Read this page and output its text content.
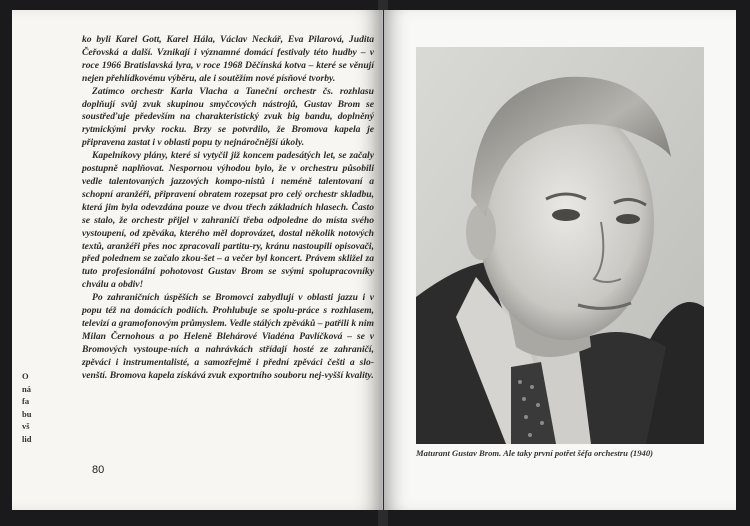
O
ná
fa
bu
vš
lid

ko byli Karel Gott, Karel Hála, Václav Neckář, Eva Pilarová, Judita Čeřovská a další. Vznikají i významné domácí festivaly této hudby – v roce 1966 Bratislavská lyra, v roce 1968 Děčínská kotva – které se věnují nejen přehlídkovému výběru, ale i soutěžím nové písňové tvorby.

Zatímco orchestr Karla Vlacha a Taneční orchestr čs. rozhlasu doplňují svůj zvuk skupinou smyčcových nástrojů, Gustav Brom se soustřeďuje především na charakteristický zvuk big bandu, doplněný rytmickými prvky rocku. Brzy se potvrdilo, že Bromova kapela je připravena zastat i v oblasti popu ty nejnáročnější úkoly.

Kapelníkovy plány, které si vytyčil již koncem padesátých let, se začaly postupně naplňovat. Nespornou výhodou bylo, že v orchestru působili vedle talentovaných jazzových kompo-nistů i neméně talentovaní a schopní aranžéři, připravení obratem rozepsat pro celý orchestr skladbu, která jim byla odevzdána pouze ve dvou třech základních hlasech. Často se stalo, že orchestr přijel v zahraničí třeba odpoledne do místa svého vystoupení, od zpěváka, kterého měl doprovázet, dostal několik notových textů, aranžéři přes noc zpracovali partitu-ry, kránu nastoupili opisovači, před polednem se začalo zkou-šet – a večer byl koncert. Právem skližel za tuto profesionální pohotovost Gustav Brom se svými spolupracovníky chválu a obdiv!

Po zahraničních úspěších se Bromovci zabydlují v oblasti jazzu i v popu též na domácích podiích. Prohlubuje se spolu-práce s rozhlasem, televizí a gramofonovým průmyslem. Vedle stálých zpěváků – patřili k nim Milan Černohous a po Heleně Blehárové Viadéna Pavlíčková – se v Bromových vystoupe-ních a nahrávkách střídají hosté ze zahraničí, zpěváci i instrumentalisté, a samozřejmě i přední zpěváci češti a slo-venští. Bromova kapela získává zvuk exportního souboru nej-vyšší kvality.

80
Maturant Gustav Brom. Ale taky první potřet šéfa orchestru (1940)
